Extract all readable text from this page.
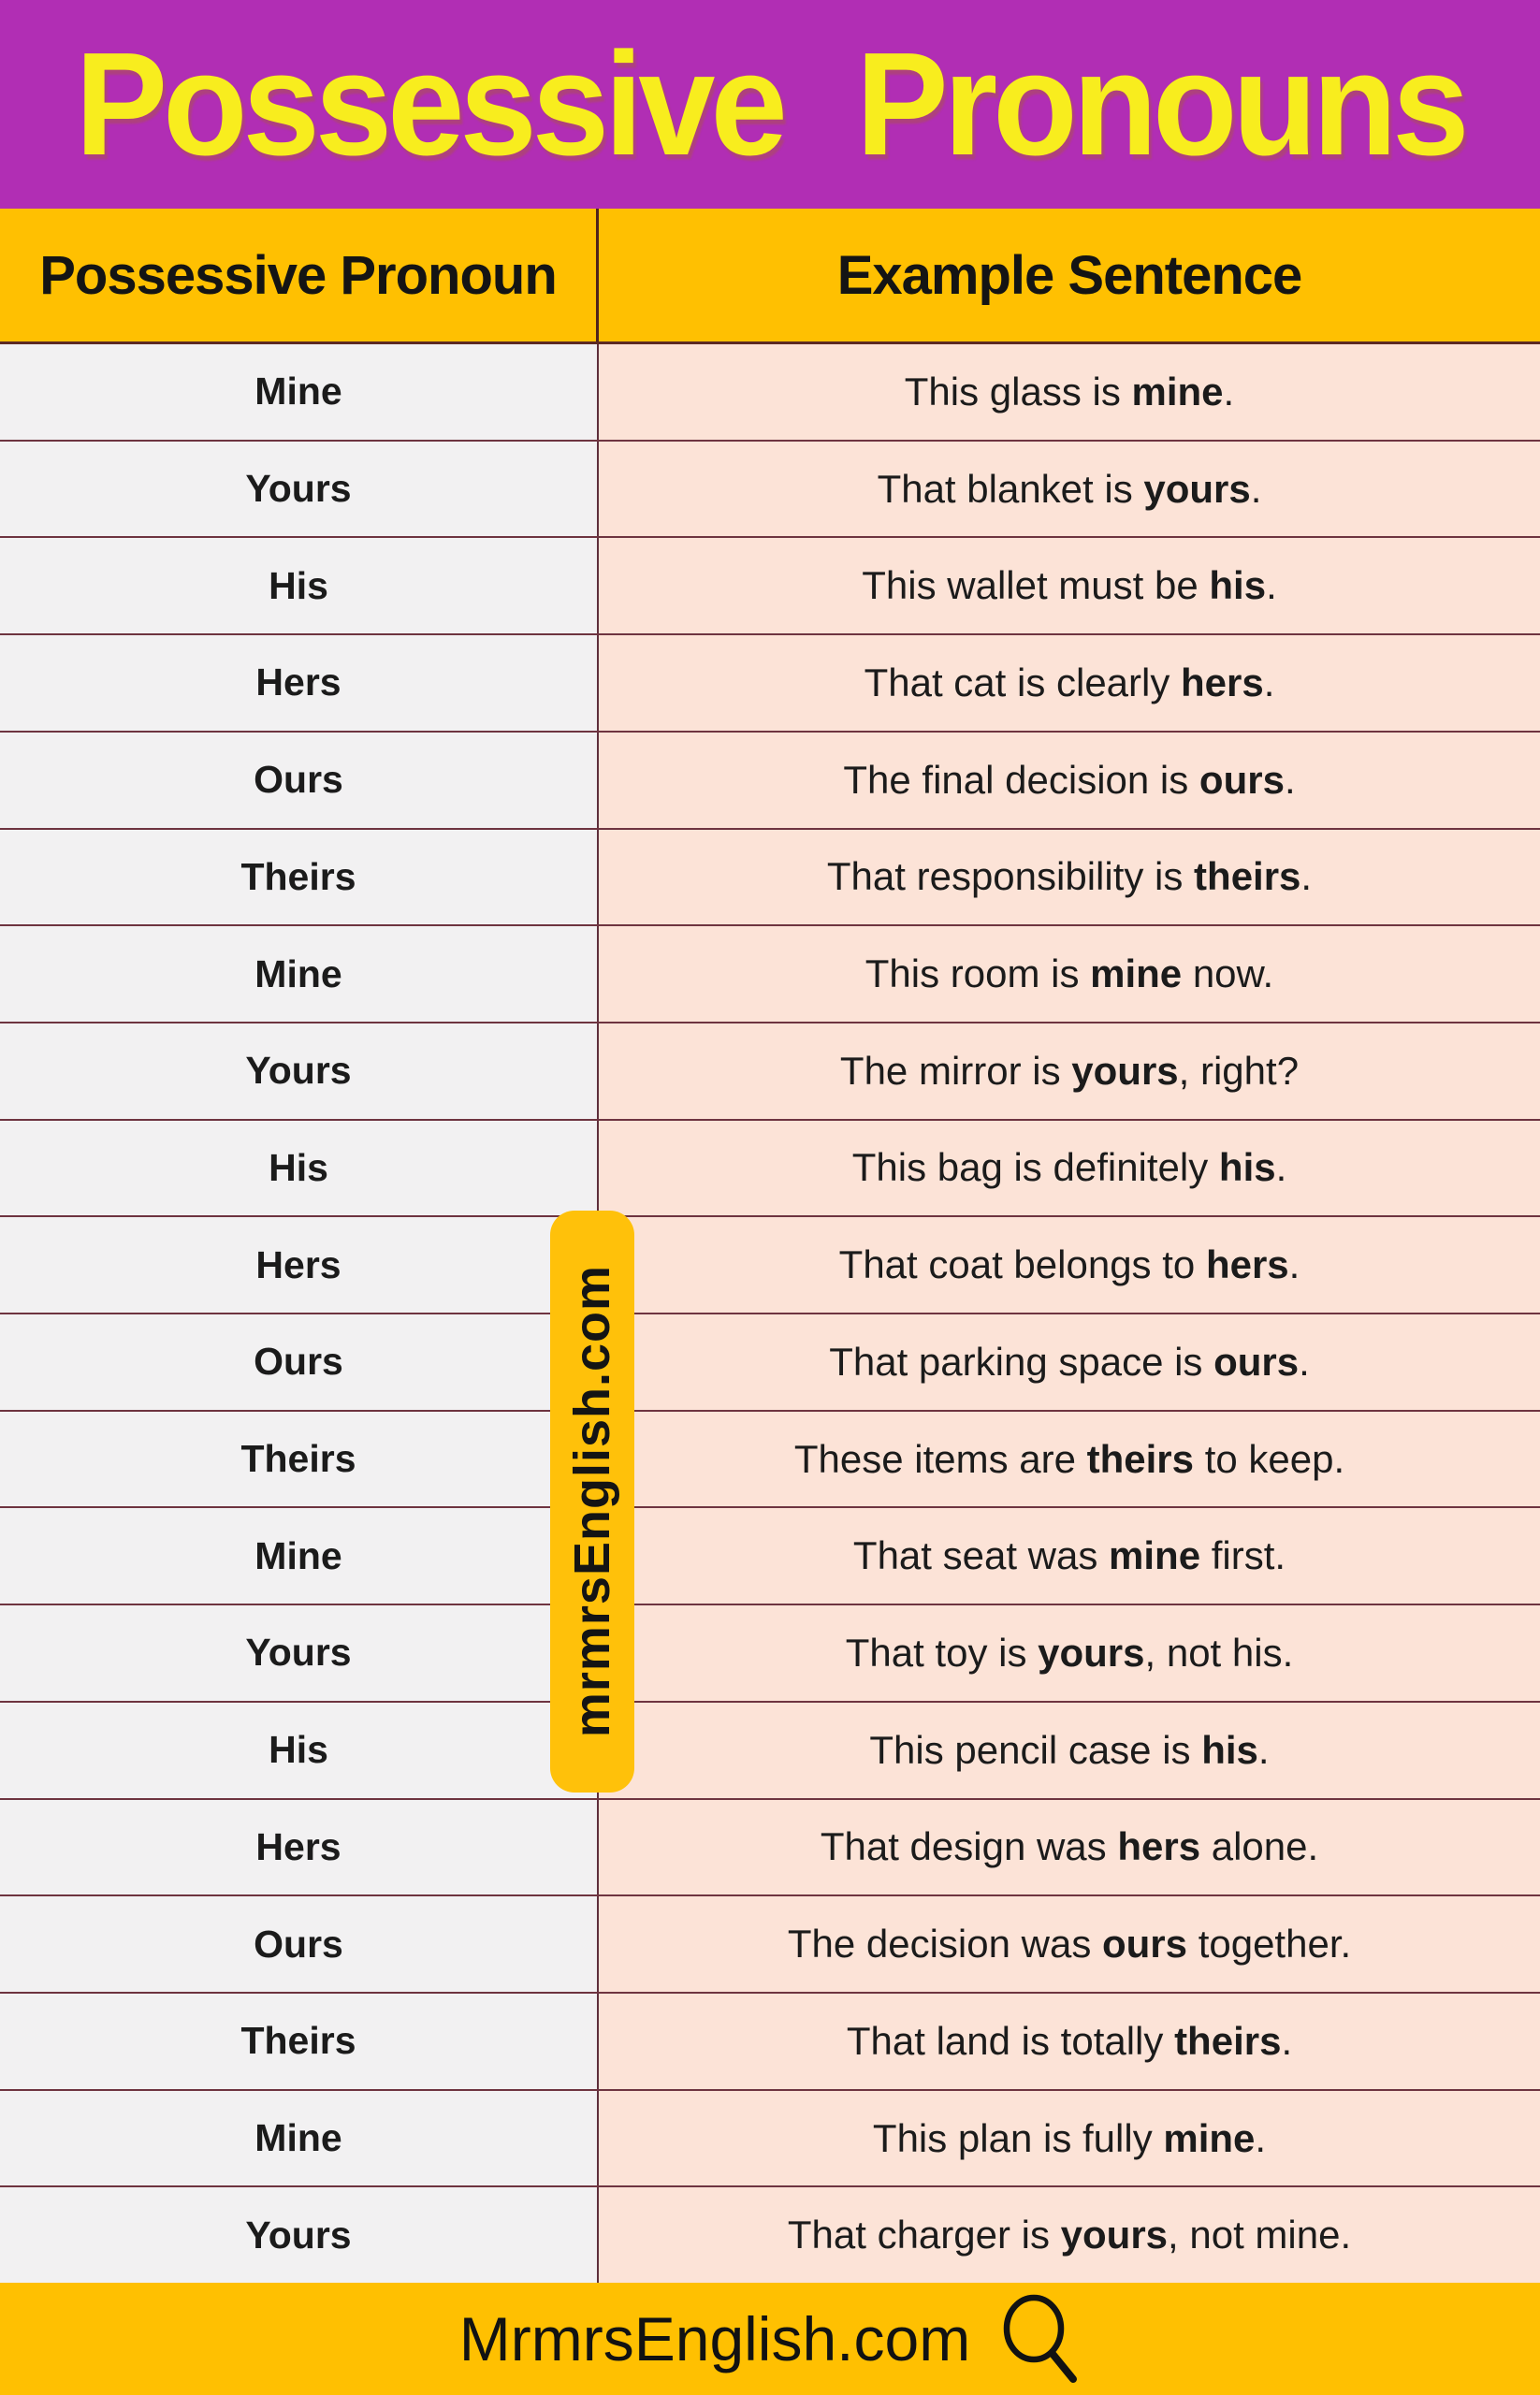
Possessive Pronouns
Possessive Pronoun	Example Sentence
Mine	This glass is mine .
Yours	That blanket is yours .
His	This wallet must be his .
Hers	That cat is clearly hers .
Ours	The final decision is ours .
Theirs	That responsibility is theirs .
Mine	This room is mine now.
Yours	The mirror is yours , right?
His	This bag is definitely his .
Hers	That coat belongs to hers .
Ours	That parking space is ours .
Theirs	These items are theirs to keep.
Mine	That seat was mine first.
Yours	That toy is yours , not his.
His	This pencil case is his .
Hers	That design was hers alone.
Ours	The decision was ours together.
Theirs	That land is totally theirs .
Mine	This plan is fully mine .
Yours	That charger is yours , not mine.
mrmrsEnglish.com
MrmrsEnglish.com
